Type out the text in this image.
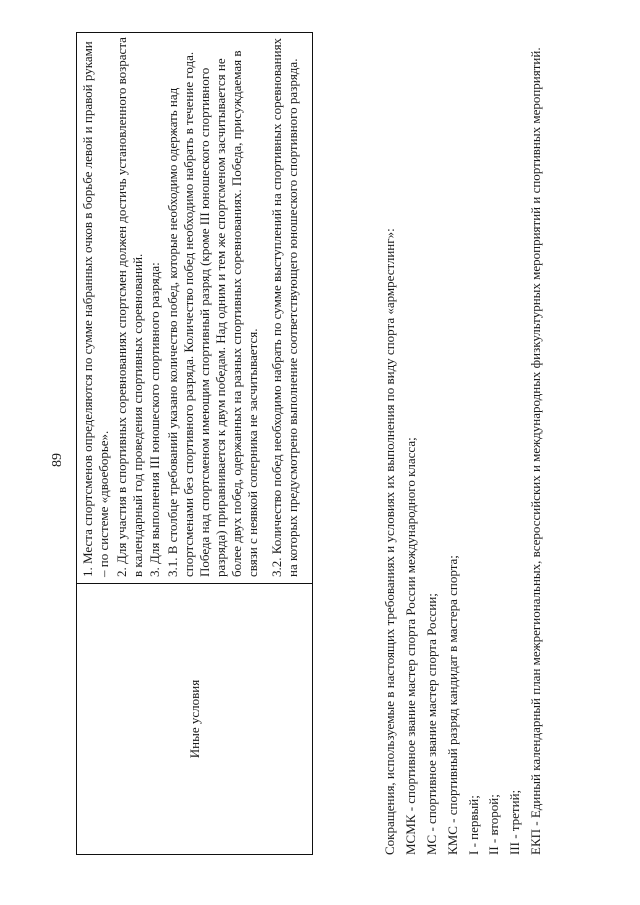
89
Иные условия	

1. Места спортсменов определяются по сумме набранных очков в борьбе левой и правой руками – по системе «двоеборье». 2. Для участия в спортивных соревнованиях спортсмен должен достичь установленного возраста в календарный год проведения спортивных соревнований. 3. Для выполнения III юношеского спортивного разряда: 3.1. В столбце требований указано количество побед, которые необходимо одержать над спортсменами без спортивного разряда. Количество побед необходимо набрать в течение года. Победа над спортсменом имеющим спортивный разряд (кроме III юношеского спортивного разряда) приравнивается к двум победам. Над одним и тем же спортсменом засчитывается не более двух побед, одержанных на разных спортивных соревнованиях. Победа, присуждаемая в связи с неявкой соперника не засчитывается. 3.2. Количество побед необходимо набрать по сумме выступлений на спортивных соревнованиях на которых предусмотрено выполнение соответствующего юношеского спортивного разряда.	Сокращения, используемые в настоящих требованиях и условиях их выполнения по виду спорта «армрестлинг»: МСМК - спортивное звание мастер спорта России международного класса; МС - спортивное звание мастер спорта России; КМС - спортивный разряд кандидат в мастера спорта; I - первый; II - второй; III - третий; ЕКП - Единый календарный план межрегиональных, всероссийских и международных физкультурных мероприятий и спортивных мероприятий.
